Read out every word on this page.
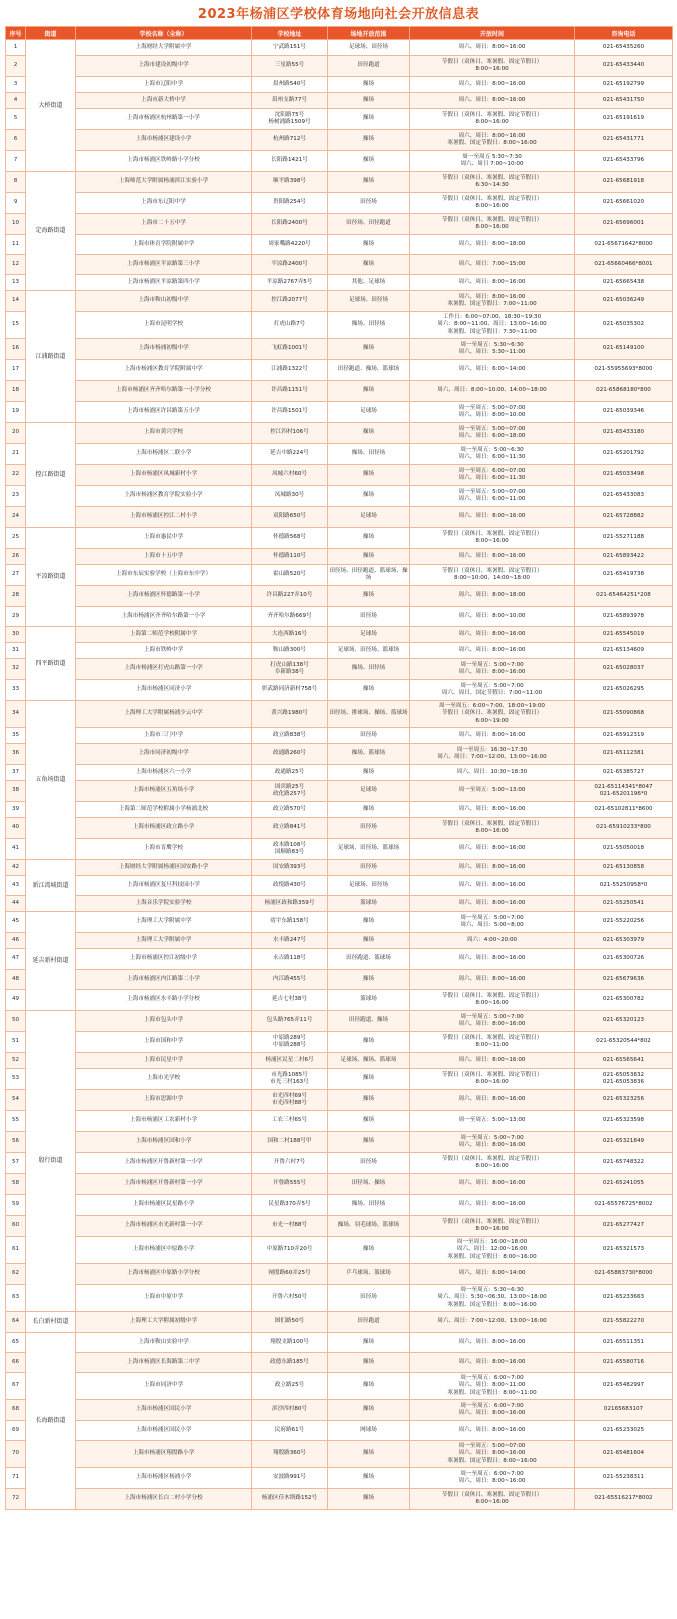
2023年杨浦区学校体育场地向社会开放信息表
序号	街道	学校名称（全称）	学校地址	场地开放范围	开放时间	咨询电话
1	大桥街道	上海财经大学附属中学	宁武路151号	足球场、田径场	周六、周日：8:00~16:00	021-65435260
2		上海市建设初级中学	三星路55号	田径跑道	节假日（双休日、寒暑假、固定节假日）
8:00~16:00	021-65433440
3		上海市辽阳中学	眉州路540号	操场	周六、周日：8:00~16:00	021-65192799
4		上海市新大桥中学	眉州支路77号	操场	周六、周日：8:00~16:00	021-65431750
5		上海市杨浦区杭州路第一小学	沈阳路75号
杨树浦路1509号	操场	节假日（双休日、寒暑假、固定节假日）
8:00~16:00	021-65191619
6		上海市杨浦区建设小学	杭州路712号	操场	周六、周日：8:00~16:00
寒暑假、国定节假日：8:00~16:00	021-65431771
7		上海市杨浦区铁岭路小学分校	长阳路1421号	操场	周一至周五 5:30~7:30
周六、周日 7:00~10:00	021-65433796
8	定海路街道	上海师范大学附属杨浦滨江实验小学	顺平路398号	操场	节假日（双休日、寒暑假、固定节假日）
6:30~14:30	021-65681918
9		上海市东辽阳中学	贵阳路254号	田径场	节假日（双休日、寒暑假、固定节假日）
8:00~16:00	021-65661020
10		上海市二十五中学	长阳路2400号	田径场、田径跑道	节假日（双休日、寒暑假、固定节假日）
8:00~16:00	021-65696001
11		上海市体育学院附属中学	周家嘴路4220号	操场	周六、周日：8:00~18:00	021-65671642*8000
12		上海市杨浦区平凉路第三小学	平凉路2400号	操场	周六、周日：7:00~15:00	021-65660466*8001
13		上海市杨浦区平凉路第四小学	平凉路2767弄5号	其他、足球场	周六、周日：8:00~16:00	021-65665438
14	江浦路街道	上海市鞍山初级中学	控江路2077号	足球场、田径场	周六、周日：8:00~16:00
寒暑假、国定节假日：7:00~11:00	021-65036249
15		上海市昆明学校	打虎山路7号	操场、田径场	工作日：6:00~07:00、18:30~19:30
周六：8:00~11:00、周日：13:00~16:00
寒暑假、国定节假日：7:30~11:00	021-65035302
16		上海市杨浦初级中学	飞虹路1001号	操场	周一至周五：5:30~6:30
周六、周日：5:30~11:00	021-65149100
17		上海市杨浦区教育学院附属中学	江浦路1322号	田径跑道、操场、篮球场	周六、周日：6:00~14:00	021-55955693*8000
18		上海市杨浦区齐齐哈尔路第一小学分校	许昌路1151号	操场	周六、周日：8:00~10:00、14:00~18:00	021-65868180*800
19		上海市杨浦区许昌路第五小学	许昌路1501号	足球场	周一至周五：5:00~07:00
周六、周日：8:00~10:00	021-65039346
20	控江路街道	上海市黄兴学校	控江四村106号	操场	周一至周五：5:00~07:00
周六、周日：6:00~18:00	021-65433180
21		上海市杨浦区二联小学	延吉中路224号	操场、田径场	周一至周五：5:00~6:30
周六、周日：6:00~11:30	021-65201792
22		上海市杨浦区凤城新村小学	凤城六村60号	操场	周一至周五：6:00~07:00
周六、周日：6:00~11:30	021-65033498
23		上海市杨浦区教育学院实验小学	凤城路30号	操场	周一至周五：5:00~07:00
周六、周日：6:00~11:00	021-65433083
24		上海市杨浦区控江二村小学	双阳路650号	足球场	周六、周日：8:00~16:00	021-65728882
25	平凉路街道	上海市惠民中学	怀德路568号	操场	节假日（双休日、寒暑假、固定节假日）
8:00~16:00	021-55271188
26		上海市十五中学	怀德路110号	操场	周六、周日：8:00~16:00	021-65893422
27		上海市东辰实验学校（上海市东中学）	霍山路520号	田径场、田径跑道、篮球场、操场	节假日（双休日、寒暑假、固定节假日）
8:00~10:00、14:00~18:00	021-65419738
28		上海市杨浦区怀德路第一小学	许昌路227弄10号	操场	周六、周日：8:00~18:00	021-65464251*208
29		上海市杨浦区齐齐哈尔路第一小学	齐齐哈尔路669号	田径场	周六、周日：8:00~10:00	021-65893978
30	四平路街道	上海第二师范学校附属中学	大连西路16号	足球场	周六、周日：8:00~16:00	021-65545019
31		上海市铁岭中学	鞍山路300号	足球场、田径场、篮球场	周六、周日：8:00~16:00	021-65134609
32		上海市杨浦区打虎山路第一小学	打虎山路138号
阜新路38号	操场、田径场	周一至周五：5:00~7:00
周六、周日：8:00~16:00	021-65028037
33		上海市杨浦区同济小学	彰武路同济新村758号	操场	周一至周五：5:00~7:00
周六、周日、国定节假日：7:00~11:00	021-65026295
34	五角场街道	上海理工大学附属杨浦少云中学	黄兴路1980号	田径场、排球场、操场、篮球场	周一至周五：6:00~7:00、18:00~19:00
节假日（双休日、寒暑假、固定节假日）
6:00~19:00	021-55090868
35		上海市三门中学	政立路838号	田径场	周六、周日：8:00~16:00	021-65912319
36		上海市同济初级中学	政通路260号	操场、篮球场	周一至周五：16:30~17:30
周六、周日：7:00~12:00、13:00~16:00	021-65112381
37		上海市杨浦区六一小学	政通路25号	操场	周六、周日：10:30~18:30	021-65385727
38		上海市杨浦区五角场小学	国宾路25号
政化路257号	足球场	周一至周五：5:00~13:00	021-65114341*8047
021-65201196*0
39		上海第二师范学校附属小学杨浦北校	政立路570号	操场	周六、周日：8:00~16:00	021-65102811*8600
40		上海市杨浦区政立路小学	政立路841号	田径场	节假日（双休日、寒暑假、固定节假日）
8:00~16:00	021-65910233*800
41		上海市育鹰学校	政本路108号
国顺路83号	足球场、田径场、篮球场	周六、周日：8:00~16:00	021-55050018
42	新江湾城街道	上海财经大学附属杨浦区国安路小学	国安路393号	田径场	周六、周日：8:00~16:00	021-65130858
43		上海市杨浦区复旦科技园小学	政悦路430号	足球场、田径场	周六、周日：8:00~16:00	021-55250958*0
44		上海音乐学院实验学校	杨浦区政和路359号	篮球场	周六、周日：8:00~16:00	021-55250541
45	延吉新村街道	上海理工大学附属中学	靖宇东路158号	操场	周一至周五：5:00~7:00
周六、周日：5:00~8:00	021-55220256
46		上海理工大学附属中学	水丰路247号	操场	周六：4:00~20:00	021-65303979
47		上海市杨浦区控江初级中学	永吉路118号	田径跑道、篮球场	周六、周日：8:00~16:00	021-65300726
48		上海市杨浦区内江路第二小学	内江路455号	操场	周六、周日：8:00~16:00	021-65679636
49		上海市杨浦区水丰路小学分校	延吉七村38号	篮球场	节假日（双休日、寒暑假、固定节假日）
8:00~16:00	021-65300782
50	殷行街道	上海市包头中学	包头路765弄11号	田径跑道、操场	周一至周五：5:00~7:00
周六、周日：8:00~16:00	021-65320123
51		上海市国和中学	中原路289号
中原路288号	操场	节假日（双休日、寒暑假、固定节假日）
8:00~11:00	021-65320544*802
52		上海市民星中学	杨浦区民星二村6号	足球场、操场、篮球场	周六、周日：8:00~16:00	021-65565641
53		上海市光学校	市光路1085号
市光三村163号	操场	节假日（双休日、寒暑假、固定节假日）
8:00~16:00	021-65053832
021-65053836
54		上海市思源中学	市光四村69号
市光四村88号	操场	周六、周日：8:00~16:00	021-65323256
55		上海市杨浦区工农新村小学	工农三村65号	操场	周一至周五：5:00~13:00	021-65323598
56		上海市杨浦区国和小学	国和二村188号甲	操场	周一至周五：5:00~7:00
周六、周日：8:00~16:00	021-65321849
57		上海市杨浦区开鲁新村第一小学	开鲁六村7号	田径场	节假日（双休日、寒暑假、固定节假日）
8:00~16:00	021-65748322
58		上海市杨浦区开鲁新村第一小学	开鲁路555号	田径场、操场	周六、周日：8:00~16:00	021-65241055
59		上海市杨浦区民星路小学	民星路370弄5号	操场、田径场	周六、周日：8:00~16:00	021-65576725*8002
60		上海市杨浦区市光新村第一小学	市光一村88号	操场、羽毛球场、篮球场	节假日（双休日、寒暑假、固定节假日）
8:00~16:00	021-65277427
61		上海市杨浦区中原路小学	中原路710弄20号	操场	周一至周五：16:00~18:00
周六、周日：12:00~16:00
寒暑假、国定节假日：8:00~16:00	021-65321573
62		上海市杨浦区中原路小学分校	闸殷路60弄25号	乒乓球场、篮球场	周六、周日：6:00~14:00	021-65883730*8000
63		上海市中原中学	开鲁六村50号	田径场	周一至周五：5:30~6:30
周六、周日：5:30~06:30、13:00~18:00
寒暑假、国定节假日：8:00~16:00	021-65233663
64	长白新村街道	上海理工大学附属初级中学	图们路50号	田径跑道	周六、周日：7:00~12:00、13:00~16:00	021-55822270
65	长海路街道	上海市鞍山实验中学	翔殷支路100号	操场	周六、周日：8:00~16:00	021-65511351
66		上海市杨浦区长海路第二中学	政德东路185号	操场	周六、周日：8:00~16:00	021-65580716
67		上海市同济中学	政立路25号	操场	周一至周五：6:00~7:00
周六、周日：8:00~11:00
寒暑假、国定节假日：8:00~11:00	021-65482997
68		上海市杨浦区国民小学	滨沙四村80号	操场	周一至周五：6:00~7:00
周六、周日：8:00~16:00	02165683107
69		上海市杨浦区国民小学	民府路61号	网球场	周六、周日：8:00~16:00	021-65233025
70		上海市杨浦区翔殷路小学	翔殷路360号	操场	周一至周五：5:00~07:00
周六、周日：8:00~16:00
寒暑假、国定节假日：8:00~16:00	021-65481604
71		上海市杨浦区杨浦小学	安波路991号	操场	周一至周五：6:00~7:00
周六、周日：8:00~16:00	021-55238311
72		上海市杨浦区长白二村小学分校	杨浦区佳木斯路152号	操场	节假日（双休日、寒暑假、固定节假日）
8:00~16:00	021-65516217*8002
